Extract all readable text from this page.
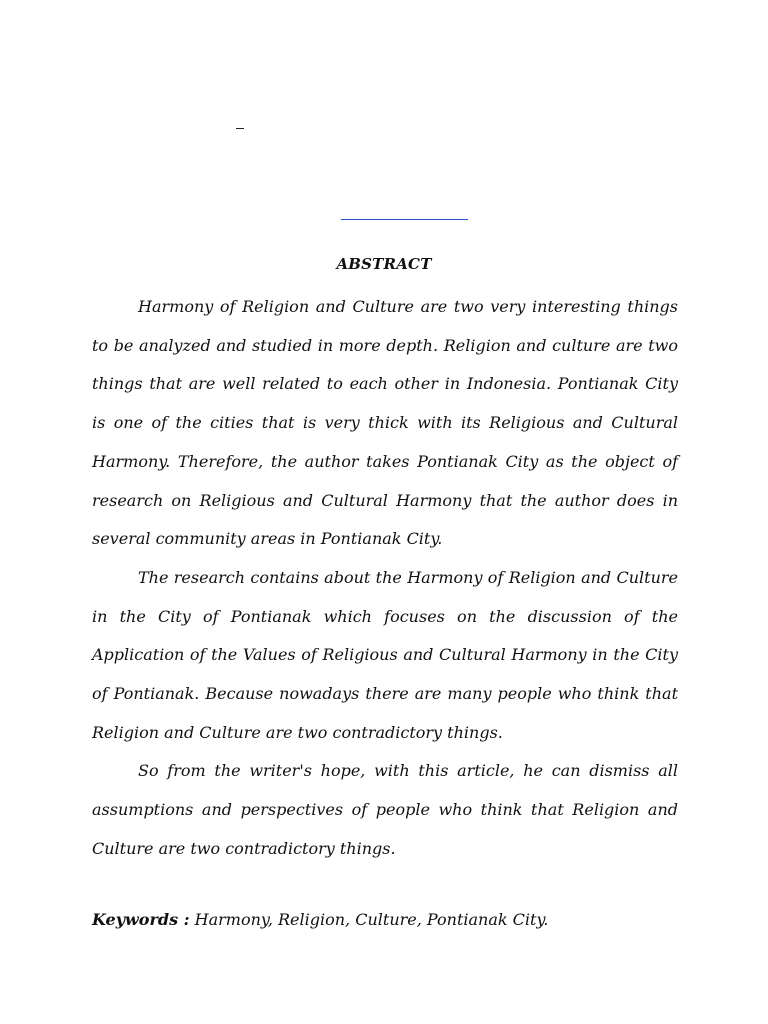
ABSTRACT

Harmony of Religion and Culture are two very interesting things to be analyzed and studied in more depth. Religion and culture are two things that are well related to each other in Indonesia. Pontianak City is one of the cities that is very thick with its Religious and Cultural Harmony. Therefore, the author takes Pontianak City as the object of research on Religious and Cultural Harmony that the author does in several community areas in Pontianak City.

The research contains about the Harmony of Religion and Culture in the City of Pontianak which focuses on the discussion of the Application of the Values of Religious and Cultural Harmony in the City of Pontianak. Because nowadays there are many people who think that Religion and Culture are two contradictory things.

So from the writer's hope, with this article, he can dismiss all assumptions and perspectives of people who think that Religion and Culture are two contradictory things.

Keywords : Harmony, Religion, Culture, Pontianak City.
